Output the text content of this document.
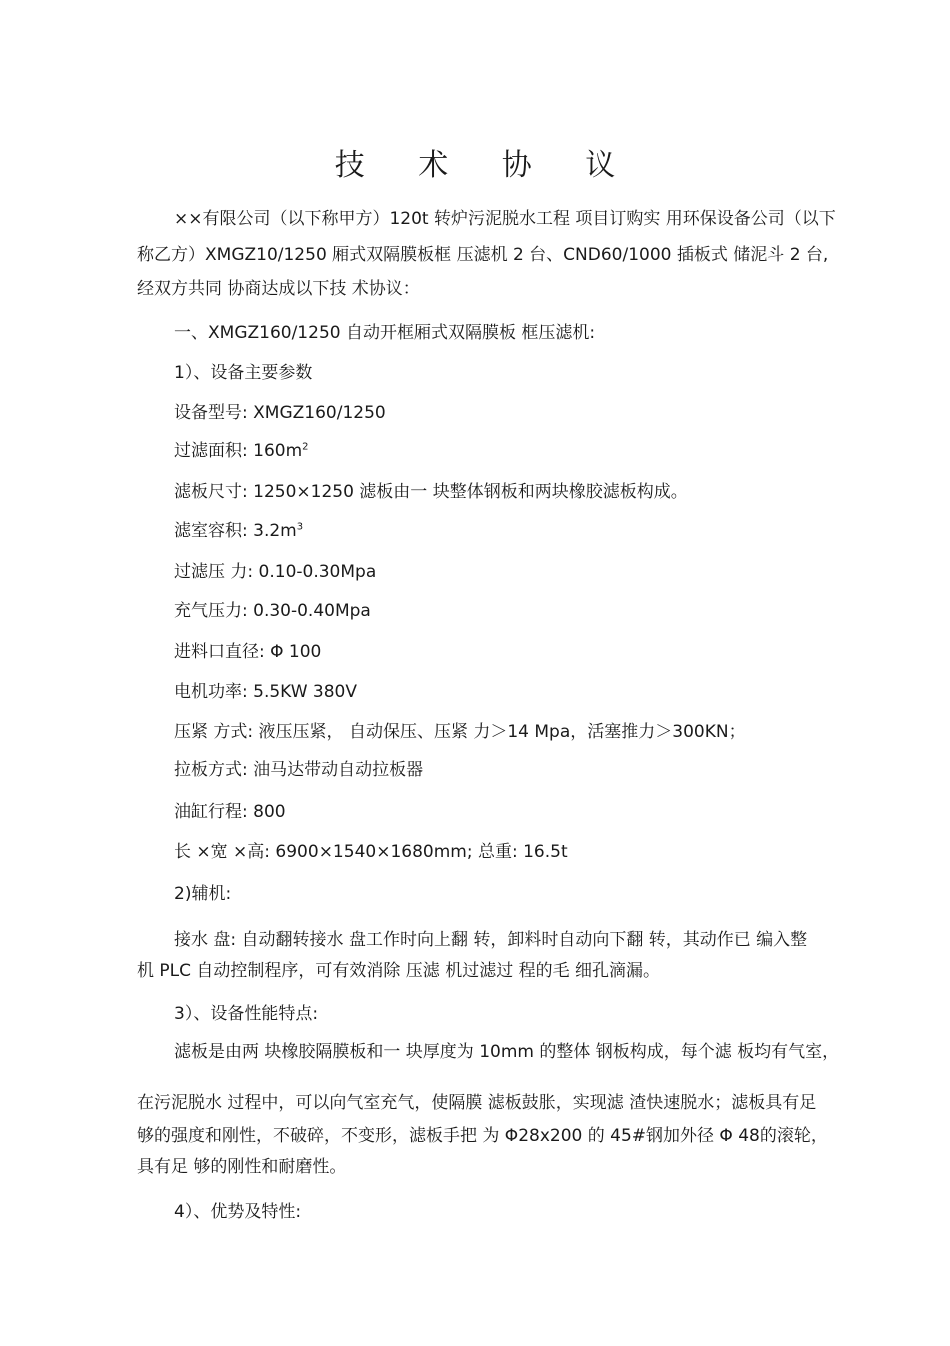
技 术 协 议
××有限公司（以下称甲方）120t 转炉污泥脱水工程 项目订购实 用环保设备公司（以下
称乙方）XMGZ10/1250 厢式双隔膜板框 压滤机 2 台、CND60/1000 插板式 储泥斗 2 台,
经双方共同 协商达成以下技 术协议：
一、XMGZ160/1250 自动开框厢式双隔膜板 框压滤机:
1）、设备主要参数
设备型号: XMGZ160/1250
过滤面积: $160m^2$
滤板尺寸: 1250×1250 滤板由一 块整体钢板和两块橡胶滤板构成。
滤室容积: $3.2m^3$
过滤压 力: 0.10-0.30Mpa
充气压力: 0.30-0.40Mpa
进料口直径: Φ 100
电机功率: 5.5KW 380V
压紧 方式: 液压压紧， 自动保压、压紧 力＞14 Mpa，活塞推力＞300KN；
拉板方式: 油马达带动自动拉板器
油缸行程: 800
长 ×宽 ×高: 6900×1540×1680mm; 总重: 16.5t
2)辅机:
接水 盘: 自动翻转接水 盘工作时向上翻 转，卸料时自动向下翻 转，其动作已 编入整
机 PLC 自动控制程序，可有效消除 压滤 机过滤过 程的毛 细孔滴漏。
3）、设备性能特点:
滤板是由两 块橡胶隔膜板和一 块厚度为 10mm 的整体 钢板构成，每个滤 板均有气室，
在污泥脱水 过程中，可以向气室充气，使隔膜 滤板鼓胀，实现滤 渣快速脱水；滤板具有足
够的强度和刚性，不破碎，不变形，滤板手把 为 Φ28x200 的 45#钢加外径 Φ 48的滚轮，
具有足 够的刚性和耐磨性。
4）、优势及特性:
